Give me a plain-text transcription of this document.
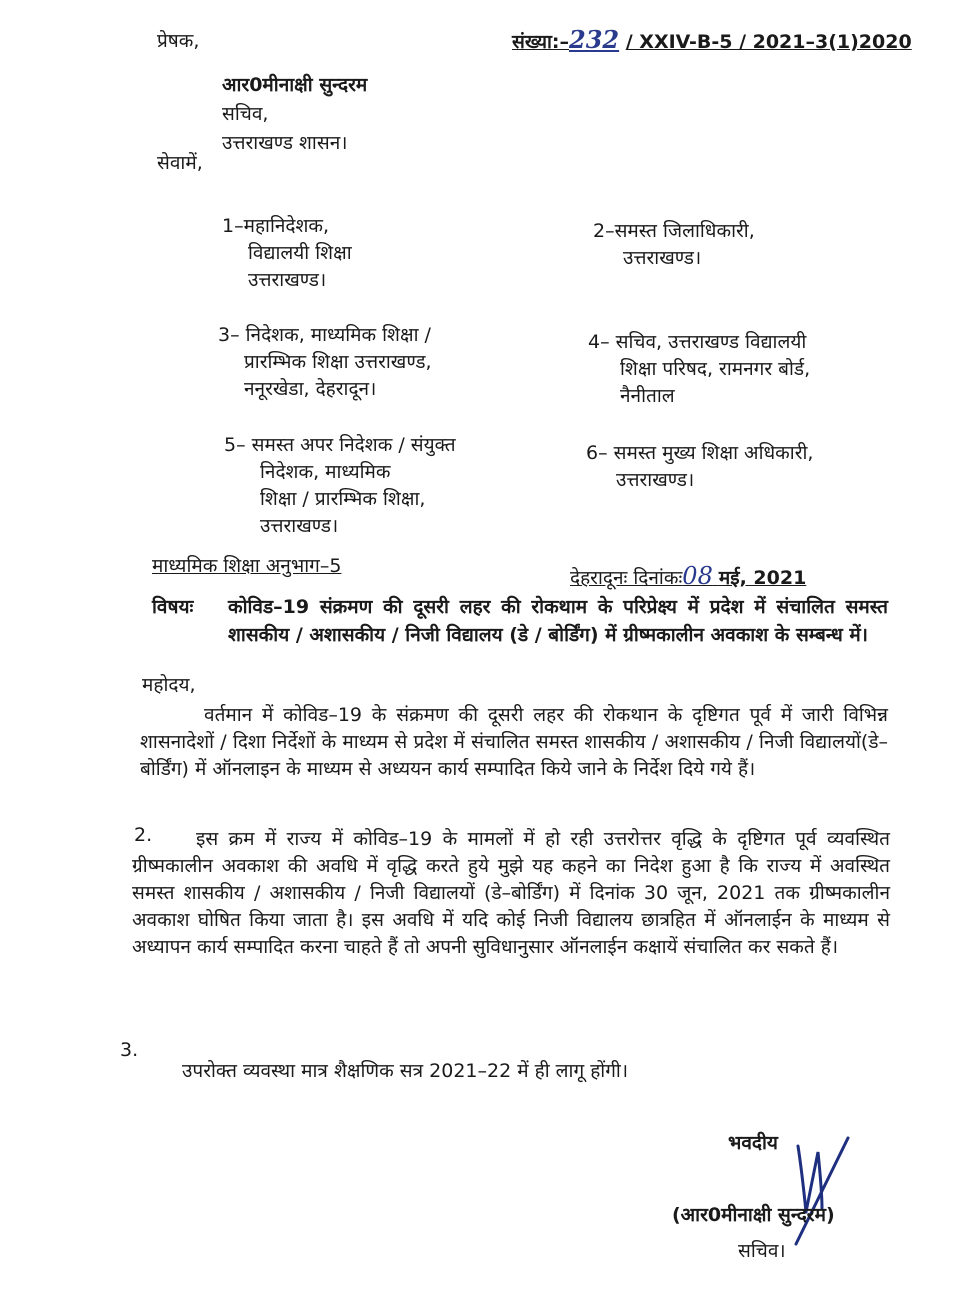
प्रेषक,	संख्या:–232 / XXIV-B-5 / 2021–3(1)2020
आर0मीनाक्षी सुन्दरम
सचिव,
उत्तराखण्ड शासन।
सेवामें,
1–महानिदेशक,
विद्यालयी शिक्षा
उत्तराखण्ड।
2–समस्त जिलाधिकारी,
उत्तराखण्ड।
3– निदेशक, माध्यमिक शिक्षा /
प्रारम्भिक शिक्षा उत्तराखण्ड,
ननूरखेडा, देहरादून।
4– सचिव, उत्तराखण्ड विद्यालयी
शिक्षा परिषद, रामनगर बोर्ड,
नैनीताल
5– समस्त अपर निदेशक / संयुक्त
निदेशक, माध्यमिक
शिक्षा / प्रारम्भिक शिक्षा,
उत्तराखण्ड।
6– समस्त मुख्य शिक्षा अधिकारी,
उत्तराखण्ड।
माध्यमिक शिक्षा अनुभाग–5
देहरादूनः दिनांकः08 मई, 2021
विषयः कोविड–19 संक्रमण की दूसरी लहर की रोकथाम के परिप्रेक्ष्य में प्रदेश में संचालित समस्त शासकीय / अशासकीय / निजी विद्यालय (डे / बोर्डिंग) में ग्रीष्मकालीन अवकाश के सम्बन्ध में।
महोदय,
वर्तमान में कोविड–19 के संक्रमण की दूसरी लहर की रोकथान के दृष्टिगत पूर्व में जारी विभिन्न शासनादेशों / दिशा निर्देशों के माध्यम से प्रदेश में संचालित समस्त शासकीय / अशासकीय / निजी विद्यालयों(डे–बोर्डिंग) में ऑनलाइन के माध्यम से अध्ययन कार्य सम्पादित किये जाने के निर्देश दिये गये हैं।
2.	इस क्रम में राज्य में कोविड–19 के मामलों में हो रही उत्तरोत्तर वृद्धि के दृष्टिगत पूर्व व्यवस्थित ग्रीष्मकालीन अवकाश की अवधि में वृद्धि करते हुये मुझे यह कहने का निदेश हुआ है कि राज्य में अवस्थित समस्त शासकीय / अशासकीय / निजी विद्यालयों (डे–बोर्डिंग) में दिनांक 30 जून, 2021 तक ग्रीष्मकालीन अवकाश घोषित किया जाता है। इस अवधि में यदि कोई निजी विद्यालय छात्रहित में ऑनलाईन के माध्यम से अध्यापन कार्य सम्पादित करना चाहते हैं तो अपनी सुविधानुसार ऑनलाईन कक्षायें संचालित कर सकते हैं।
3.
उपरोक्त व्यवस्था मात्र शैक्षणिक सत्र 2021–22 में ही लागू होंगी।
भवदीय
(आर0मीनाक्षी सुन्दरम)
सचिव।
